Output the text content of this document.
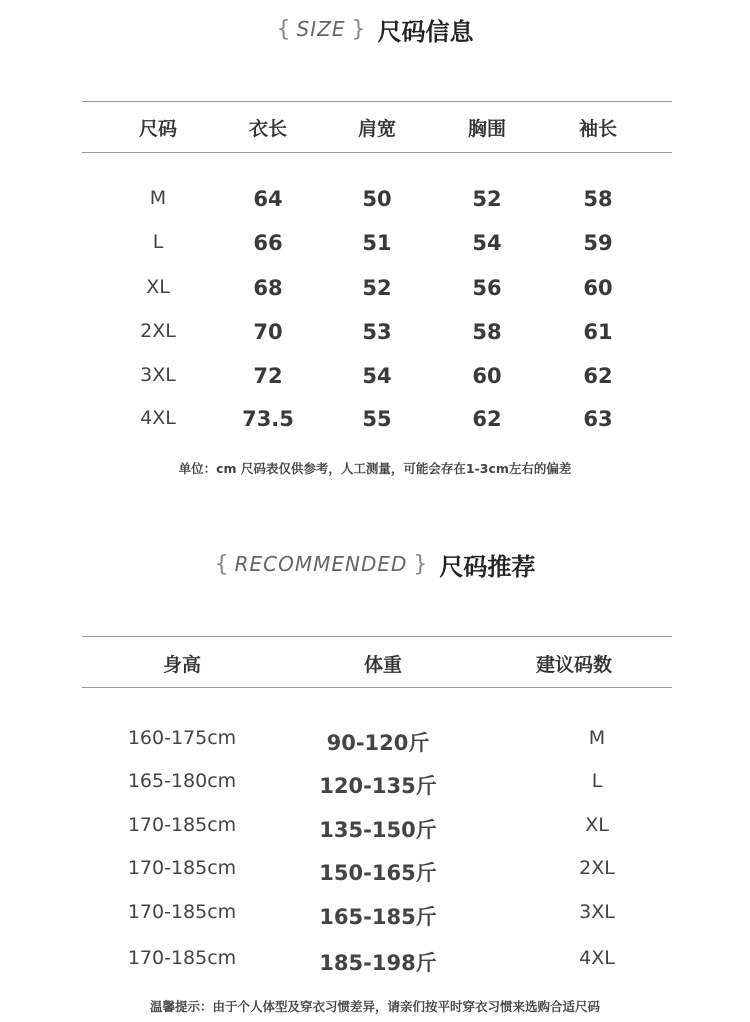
{ SIZE } 尺码信息
尺码	衣长	肩宽	胸围	袖长
M	64	50	52	58
L	66	51	54	59
XL	68	52	56	60
2XL	70	53	58	61
3XL	72	54	60	62
4XL	73.5	55	62	63
单位：cm 尺码表仅供参考，人工测量，可能会存在1-3cm左右的偏差
{ RECOMMENDED } 尺码推荐
身高	体重	建议码数
160-175cm	90-120斤	M
165-180cm	120-135斤	L
170-185cm	135-150斤	XL
170-185cm	150-165斤	2XL
170-185cm	165-185斤	3XL
170-185cm	185-198斤	4XL
温馨提示：由于个人体型及穿衣习惯差异，请亲们按平时穿衣习惯来选购合适尺码
